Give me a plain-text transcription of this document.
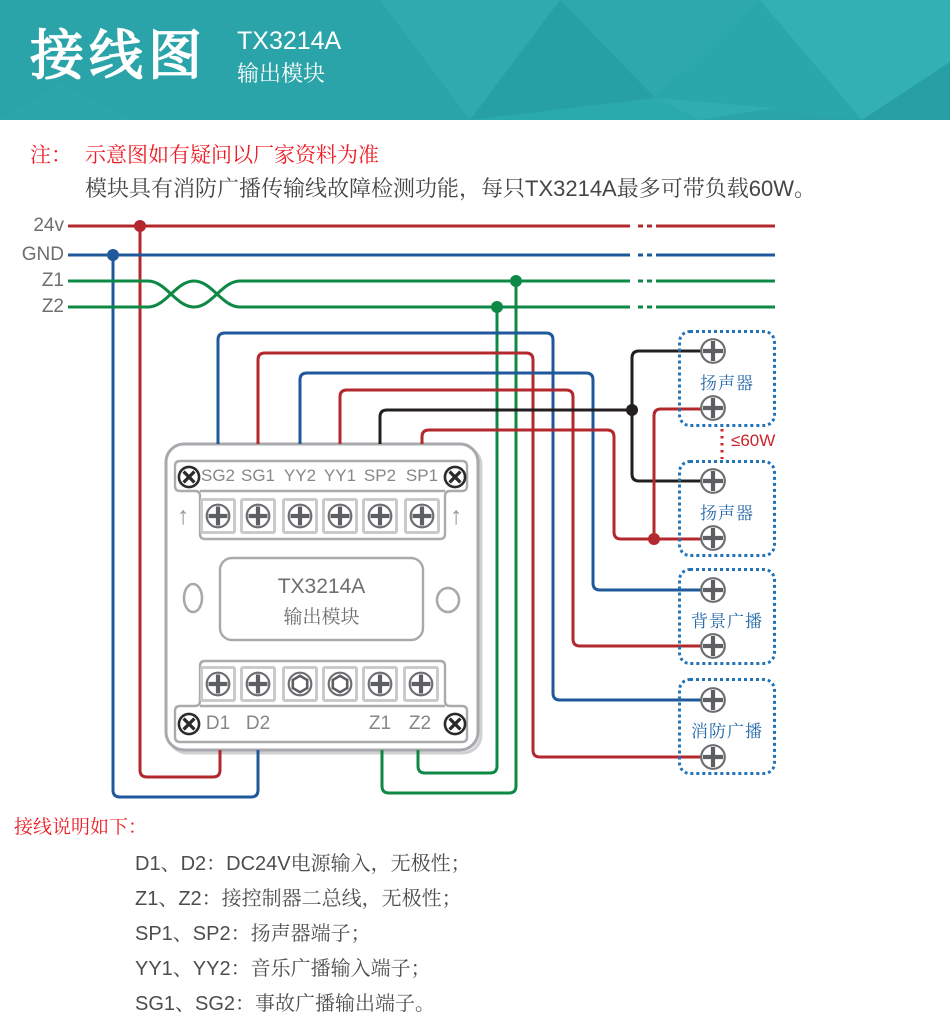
接线图 TX3214A
输出模块
注： 示意图如有疑问以厂家资料为准
模块具有消防广播传输线故障检测功能，每只TX3214A最多可带负载60W。
24v
GND
Z1
Z2
SG2 SG1 YY2 YY1 SP2 SP1
↑	↑
TX3214A
输出模块
D1 D2	Z1 Z2
扬声器
≤60W
扬声器
背景广播
消防广播
接线说明如下：
D1、D2：DC24V电源输入，无极性；
Z1、Z2：接控制器二总线，无极性；
SP1、SP2：扬声器端子；
YY1、YY2：音乐广播输入端子；
SG1、SG2：事故广播输出端子。
